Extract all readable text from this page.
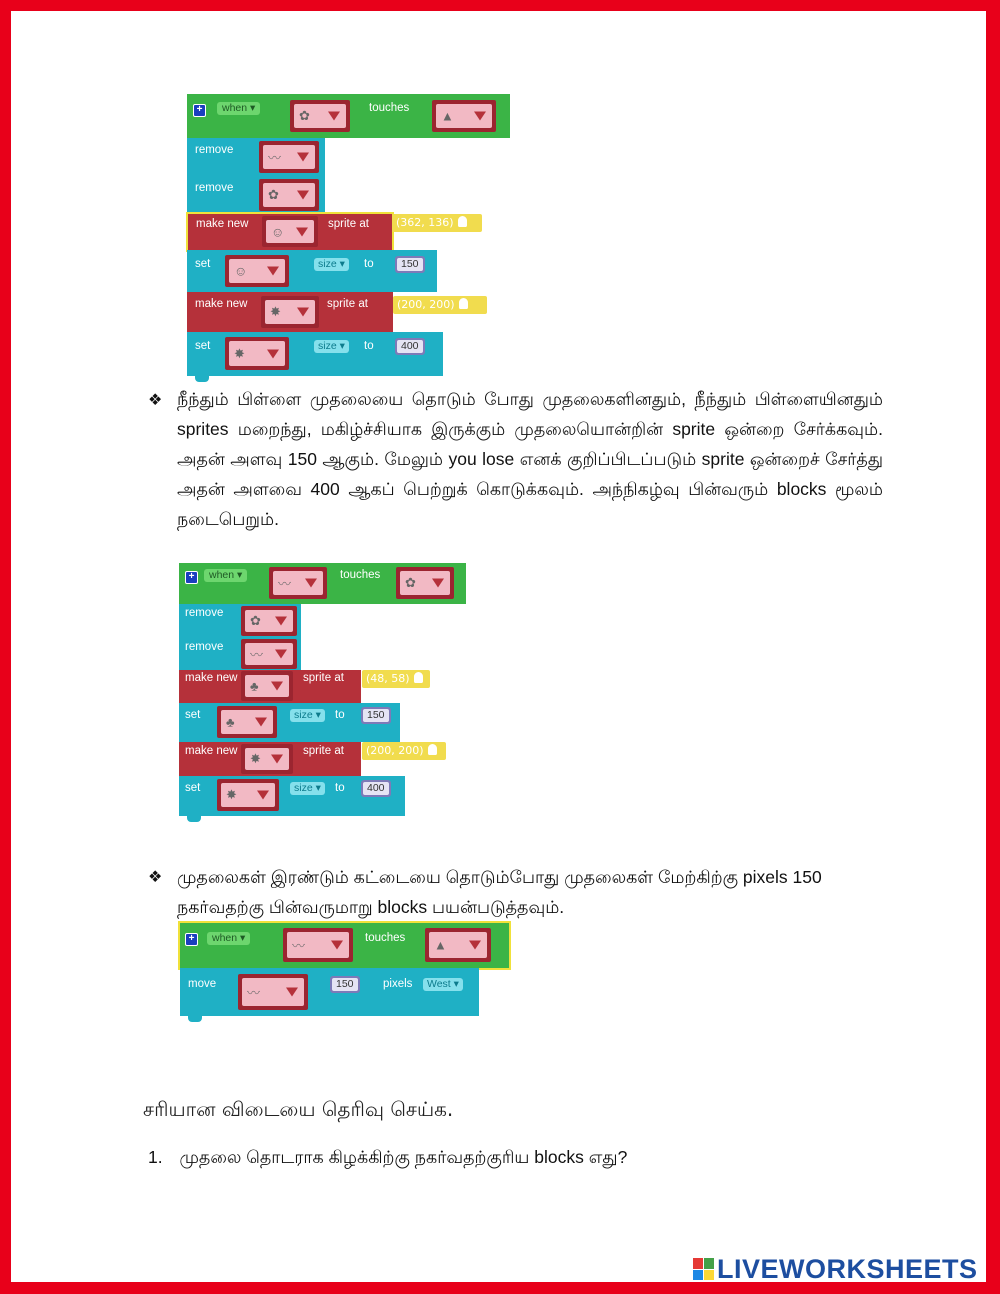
+	when ▾	✿	touches
▲
remove
〰
remove	✿
make new ☺	sprite at	(362, 136)
set ☺	size ▾	to	150
make new ✸	sprite at	(200, 200)
set ✸	size ▾	to	400
❖ நீந்தும் பிள்ளை முதலையை தொடும் போது முதலைகளினதும், நீந்தும் பிள்ளையினதும் sprites மறைந்து, மகிழ்ச்சியாக இருக்கும் முதலையொன்றின் sprite ஒன்றை சேர்க்கவும். அதன் அளவு 150 ஆகும். மேலும் you lose எனக் குறிப்பிடப்படும் sprite ஒன்றைச் சேர்த்து அதன் அளவை 400 ஆகப் பெற்றுக் கொடுக்கவும். அந்நிகழ்வு பின்வரும் blocks மூலம் நடைபெறும்.
+	when ▾
〰
touches ✿
remove ✿
remove
〰
make new
♣
sprite at	(48, 58)
set ♣	size ▾	to	150
make new ✸	sprite at	(200, 200)
set ✸	size ▾	to	400
❖ முதலைகள் இரண்டும் கட்டையை தொடும்போது முதலைகள் மேற்கிற்கு pixels 150 நகர்வதற்கு பின்வருமாறு blocks பயன்படுத்தவும்.
+	when ▾
〰
touches ▲
move
〰
150	pixels	West ▾
சரியான விடையை தெரிவு செய்க.
1. முதலை தொடராக கிழக்கிற்கு நகர்வதற்குரிய blocks எது?
LIVEWORKSHEETS
